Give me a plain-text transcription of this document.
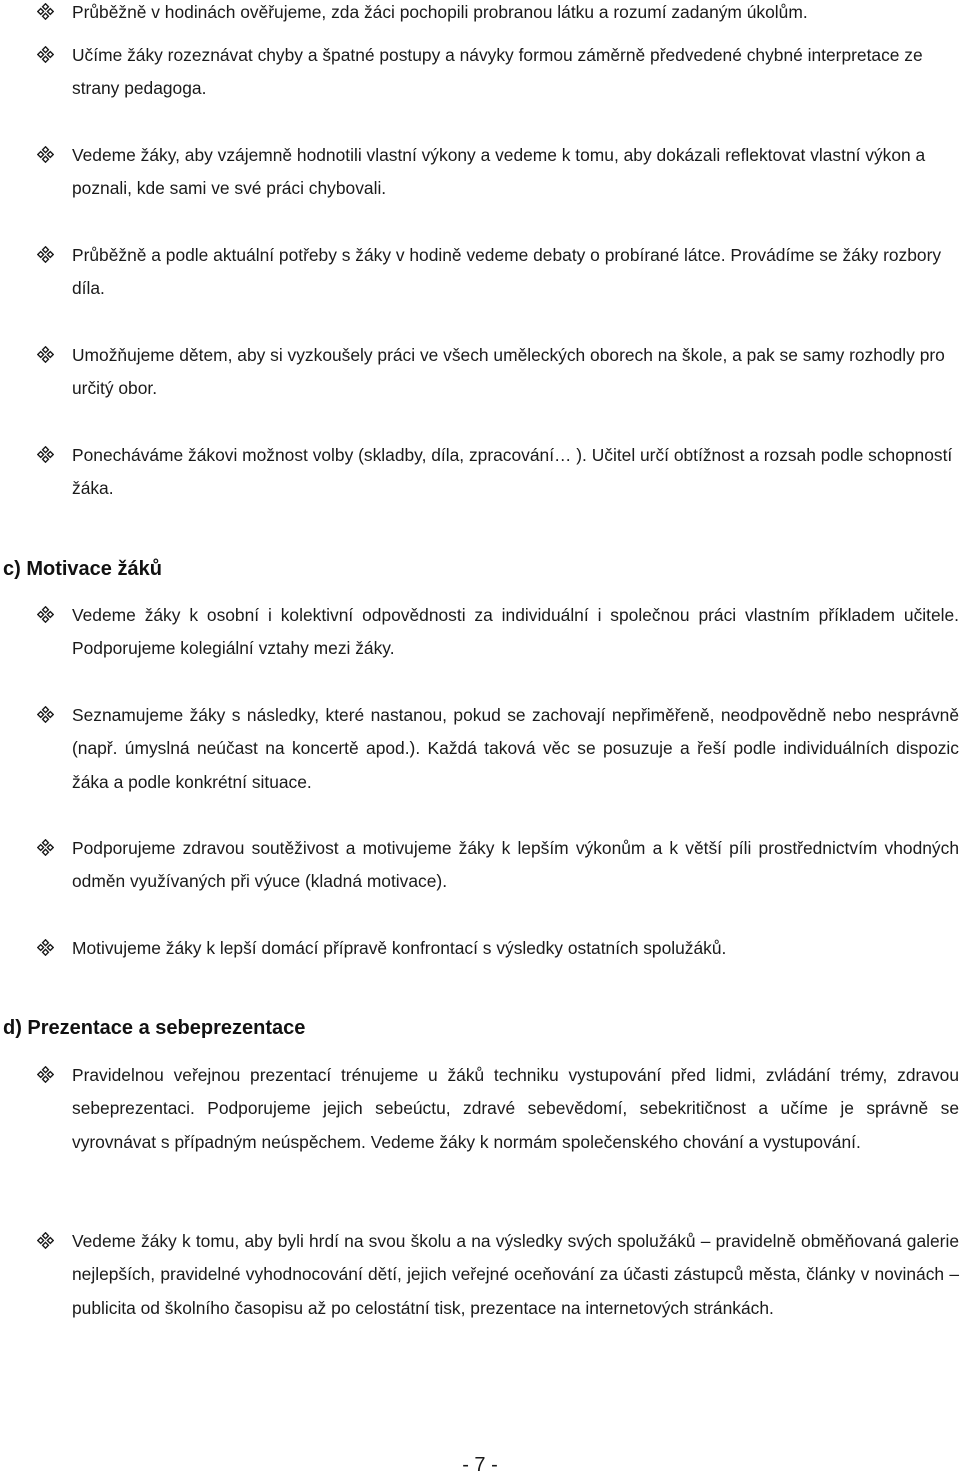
Průběžně v hodinách ověřujeme, zda žáci pochopili probranou látku a rozumí zadaným úkolům.

Učíme žáky rozeznávat chyby a špatné postupy a návyky formou záměrně předvedené chybné interpretace ze strany pedagoga.

Vedeme žáky, aby vzájemně hodnotili vlastní výkony a vedeme k tomu, aby dokázali reflektovat vlastní výkon a poznali, kde sami ve své práci chybovali.

Průběžně a podle aktuální potřeby s žáky v hodině vedeme debaty o probírané látce. Provádíme se žáky rozbory díla.

Umožňujeme dětem, aby si vyzkoušely práci ve všech uměleckých oborech na škole, a pak se samy rozhodly pro určitý obor.

Ponecháváme žákovi možnost volby (skladby, díla, zpracování… ). Učitel určí obtížnost a rozsah podle schopností žáka.

c) Motivace žáků

Vedeme žáky k osobní i kolektivní odpovědnosti za individuální i společnou práci vlastním příkladem učitele. Podporujeme kolegiální vztahy mezi žáky.

Seznamujeme žáky s následky, které nastanou, pokud se zachovají nepřiměřeně, neodpovědně nebo nesprávně (např. úmyslná neúčast na koncertě apod.). Každá taková věc se posuzuje a řeší podle individuálních dispozic žáka a podle konkrétní situace.

Podporujeme zdravou soutěživost a motivujeme žáky k lepším výkonům a k větší píli prostřednictvím vhodných odměn využívaných při výuce (kladná motivace).

Motivujeme žáky k lepší domácí přípravě konfrontací s výsledky ostatních spolužáků.

d) Prezentace a sebeprezentace

Pravidelnou veřejnou prezentací trénujeme u žáků techniku vystupování před lidmi, zvládání trémy, zdravou sebeprezentaci. Podporujeme jejich sebeúctu, zdravé sebevědomí, sebekritičnost a učíme je správně se vyrovnávat s případným neúspěchem. Vedeme žáky k normám společenského chování a vystupování.

Vedeme žáky k tomu, aby byli hrdí na svou školu a na výsledky svých spolužáků – pravidelně obměňovaná galerie nejlepších, pravidelné vyhodnocování dětí, jejich veřejné oceňování za účasti zástupců města, články v novinách – publicita od školního časopisu až po celostátní tisk, prezentace na internetových stránkách.

- 7 -
